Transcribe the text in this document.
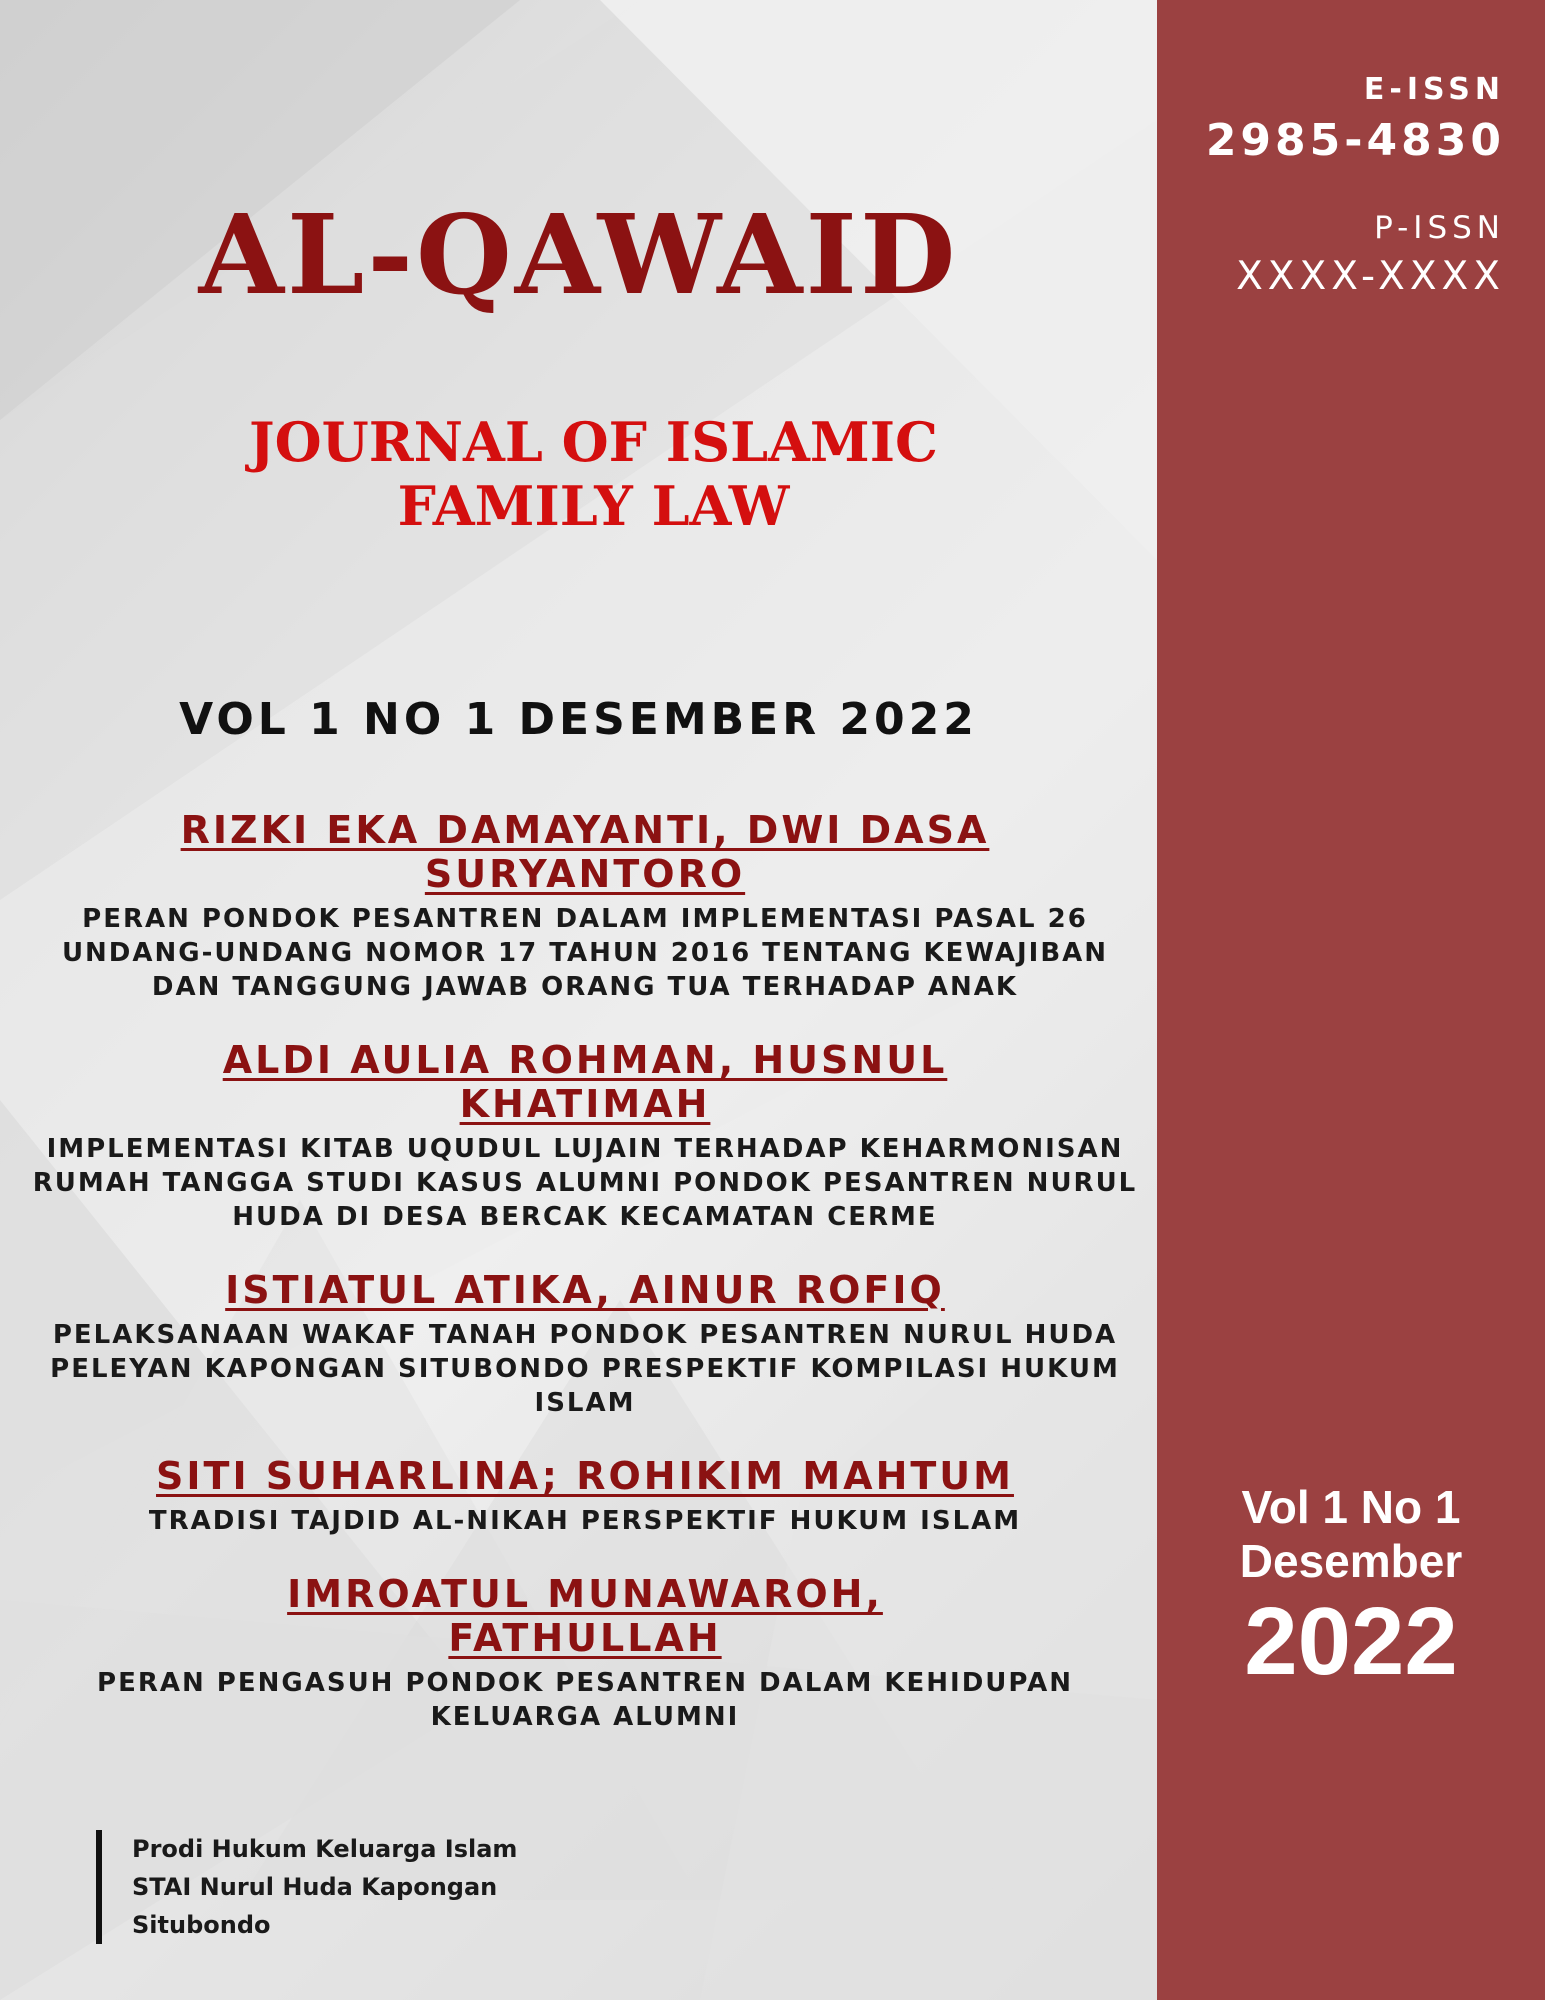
E-ISSN
2985-4830
P-ISSN
XXXX-XXXX
Vol 1 No 1
Desember
2022
AL-QAWAID
JOURNAL OF ISLAMIC
FAMILY LAW
VOL 1 NO 1 DESEMBER 2022
RIZKI EKA DAMAYANTI, DWI DASA SURYANTORO
PERAN PONDOK PESANTREN DALAM IMPLEMENTASI PASAL 26 UNDANG-UNDANG NOMOR 17 TAHUN 2016 TENTANG KEWAJIBAN DAN TANGGUNG JAWAB ORANG TUA TERHADAP ANAK
ALDI AULIA ROHMAN, HUSNUL KHATIMAH
IMPLEMENTASI KITAB UQUDUL LUJAIN TERHADAP KEHARMONISAN RUMAH TANGGA STUDI KASUS ALUMNI PONDOK PESANTREN NURUL HUDA DI DESA BERCAK KECAMATAN CERME
ISTIATUL ATIKA, AINUR ROFIQ
PELAKSANAAN WAKAF TANAH PONDOK PESANTREN NURUL HUDA PELEYAN KAPONGAN SITUBONDO PRESPEKTIF KOMPILASI HUKUM ISLAM
SITI SUHARLINA; ROHIKIM MAHTUM
TRADISI TAJDID AL-NIKAH PERSPEKTIF HUKUM ISLAM
IMROATUL MUNAWAROH, FATHULLAH
PERAN PENGASUH PONDOK PESANTREN DALAM KEHIDUPAN KELUARGA ALUMNI
Prodi Hukum Keluarga Islam
STAI Nurul Huda Kapongan
Situbondo
